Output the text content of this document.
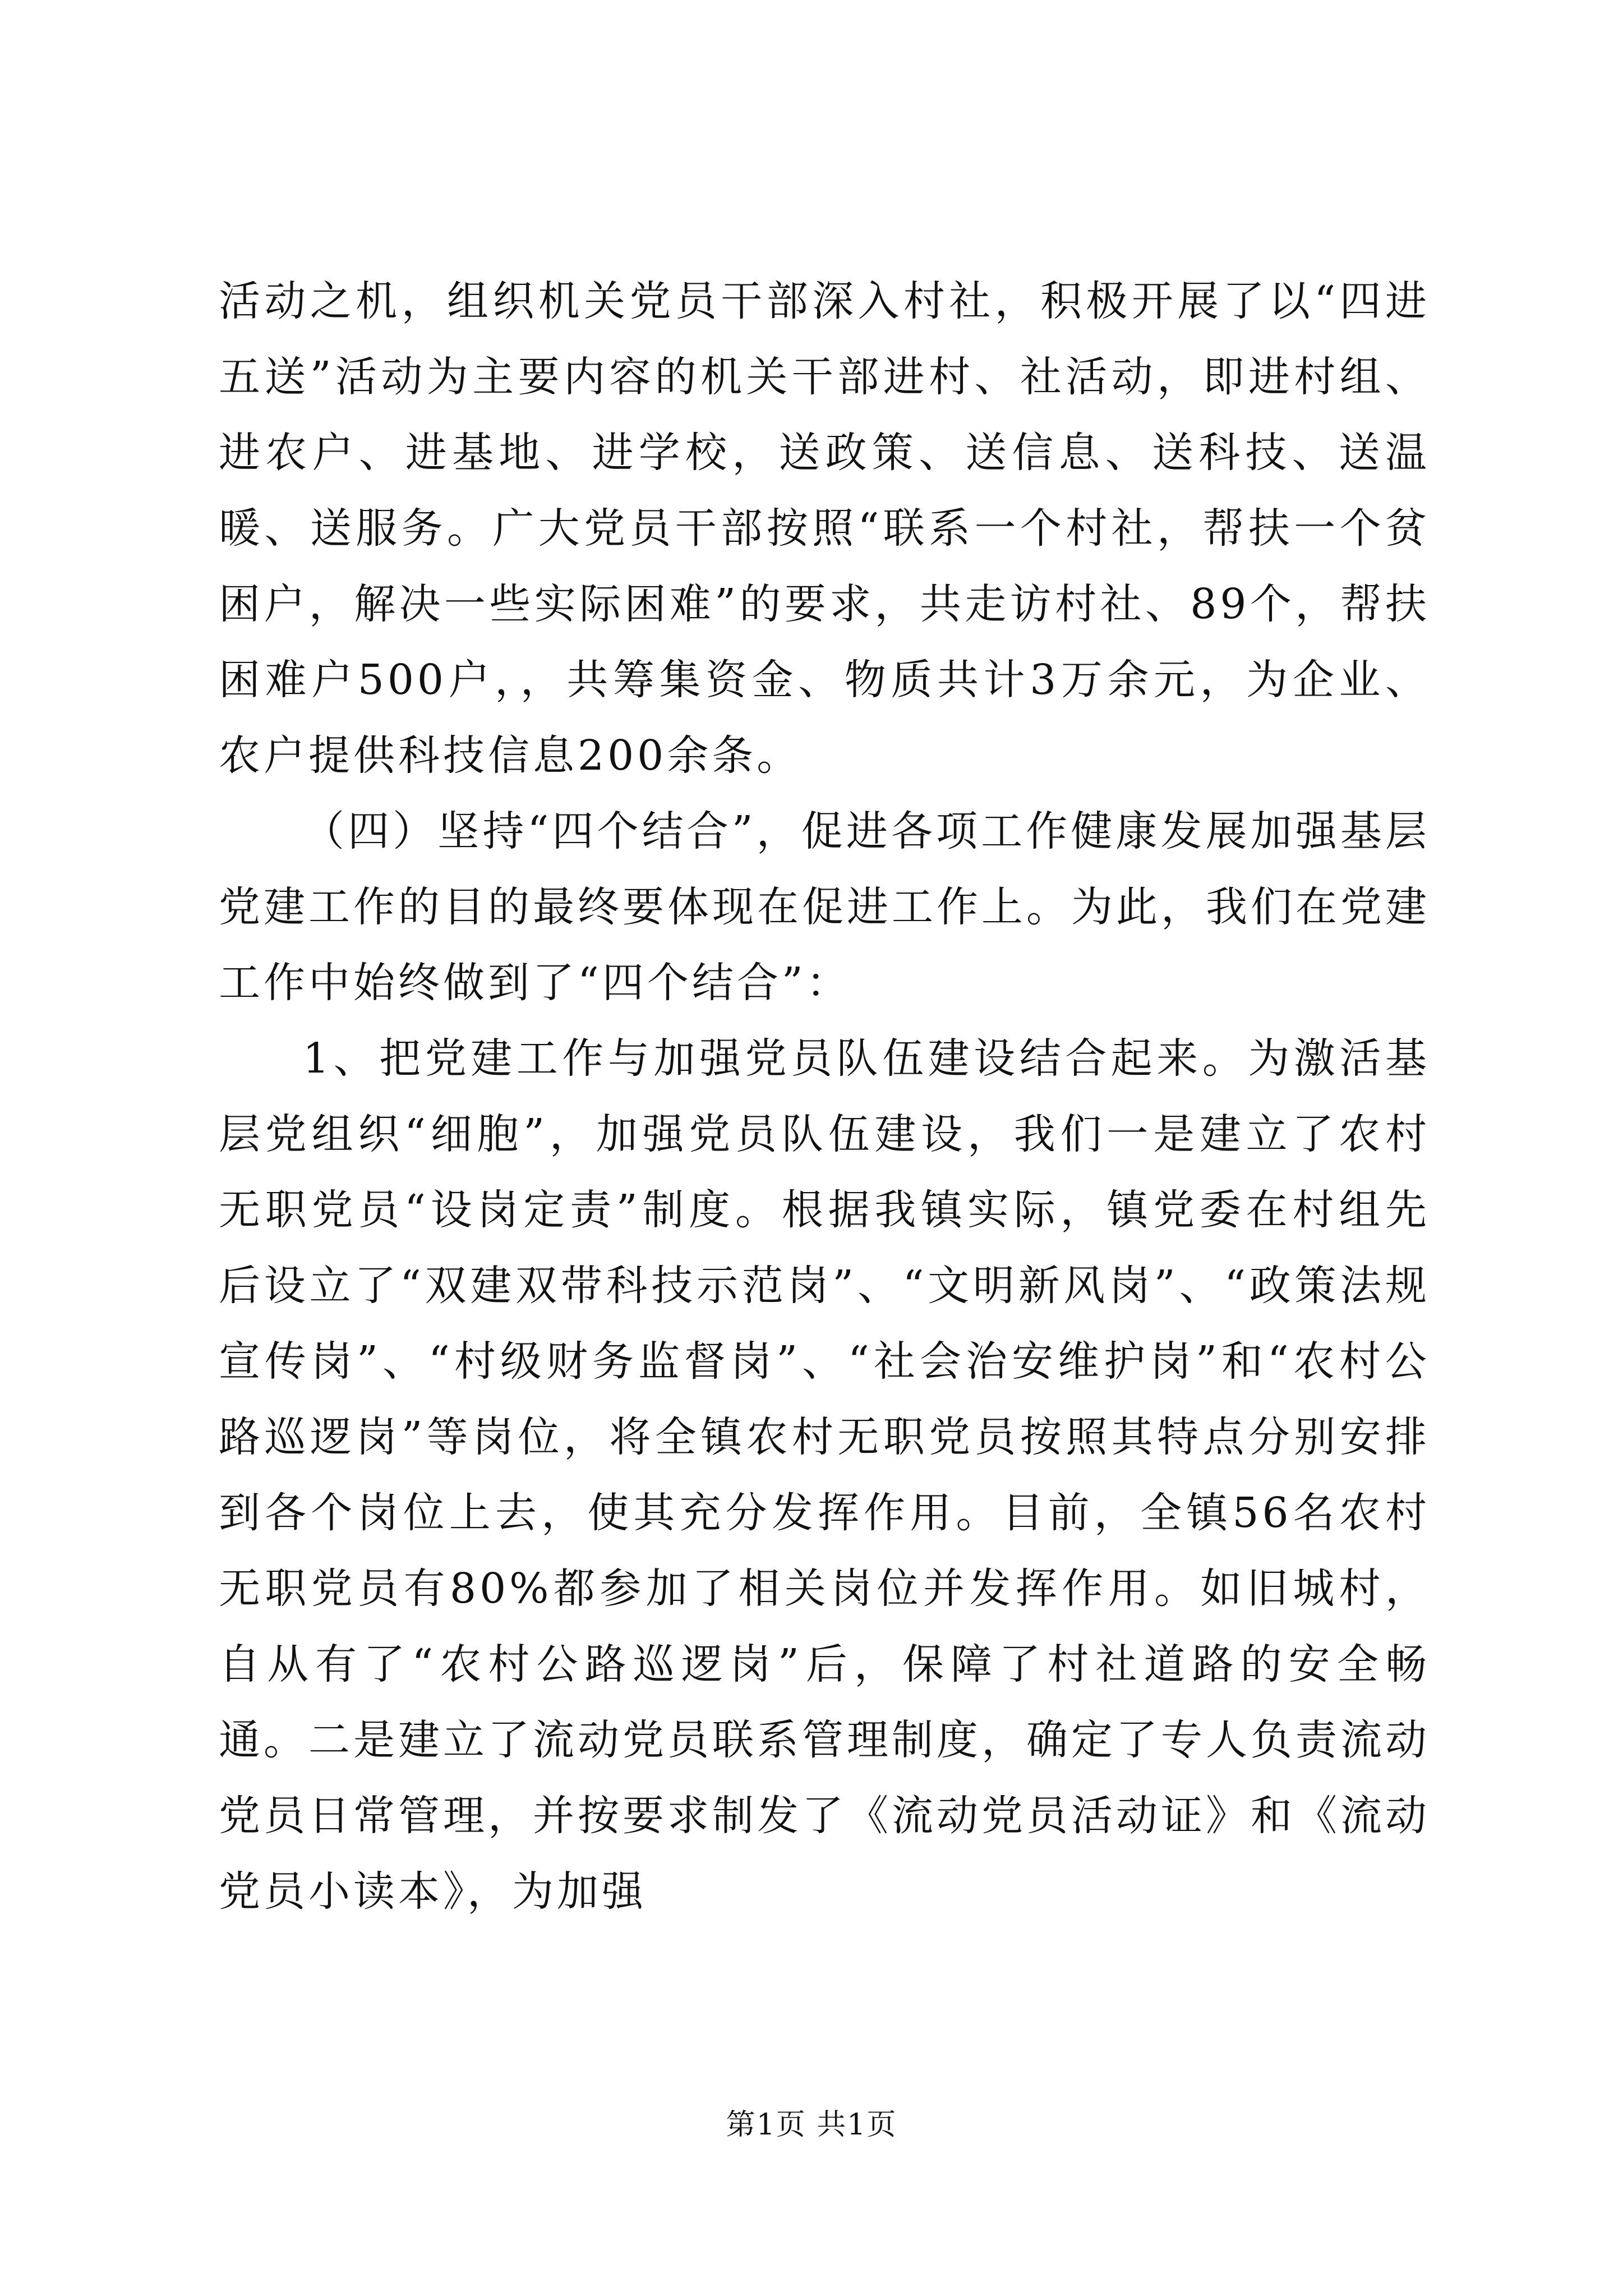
活动之机，组织机关党员干部深入村社，积极开展了以“四进五送”活动为主要内容的机关干部进村、社活动，即进村组、进农户、进基地、进学校，送政策、送信息、送科技、送温暖、送服务。广大党员干部按照“联系一个村社，帮扶一个贫困户，解决一些实际困难”的要求，共走访村社、89个，帮扶困难户500户，，共筹集资金、物质共计3万余元，为企业、农户提供科技信息200余条。

（四）坚持“四个结合”，促进各项工作健康发展加强基层党建工作的目的最终要体现在促进工作上。为此，我们在党建工作中始终做到了“四个结合”：

1、把党建工作与加强党员队伍建设结合起来。为激活基层党组织“细胞”，加强党员队伍建设，我们一是建立了农村无职党员“设岗定责”制度。根据我镇实际，镇党委在村组先后设立了“双建双带科技示范岗”、“文明新风岗”、“政策法规宣传岗”、“村级财务监督岗”、“社会治安维护岗”和“农村公路巡逻岗”等岗位，将全镇农村无职党员按照其特点分别安排到各个岗位上去，使其充分发挥作用。目前，全镇56名农村无职党员有80%都参加了相关岗位并发挥作用。如旧城村，自从有了“农村公路巡逻岗”后，保障了村社道路的安全畅通。二是建立了流动党员联系管理制度，确定了专人负责流动党员日常管理，并按要求制发了《流动党员活动证》和《流动党员小读本》，为加强

第1页 共1页
